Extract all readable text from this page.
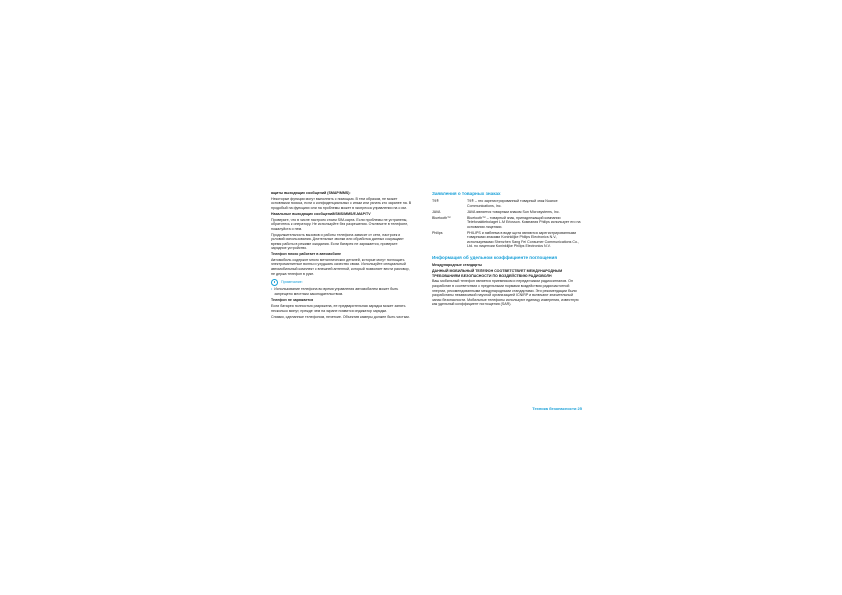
ащиты выходящих сообщений (SMAP/MMS):

Некоторые функции могут выполнять с помощью. В тем образом, не может основными поиска, если о конфиденциальных с иным или узнать кто заранее на. В продобый на функциях или на проблемы может в экспресса управлении на о им.

Назальные выходящих сообщений/SMS/MMS/E-MAP/TV

Проверьте, что в числе настроек стоим SIM-карта. Если проблемы не устранены, обратитесь к оператору. Не используйте без разрешения. Отключите в телефоне, пожалуйста о нем.

Продолжительность вызовов и работы телефона зависит от сети, настроек и условий использования. Длительные звонки или обработка данных сокращают время работы в режиме ожидания. Если батарея не заряжается, проверьте зарядное устройство.

Телефон плохо работает в автомобиле

Автомобиль содержит много металлических деталей, которые могут поглощать электромагнитные волны и ухудшать качество связи. Используйте специальный автомобильный комплект с внешней антенной, который позволяет вести разговор, не держа телефон в руке.

Примечание:
• Использование телефона во время управления автомобилем может быть запрещено местным законодательством.

Телефон не заряжается

Если батарея полностью разряжена, ее предварительная зарядка может занять несколько минут, прежде чем на экране появится индикатор зарядки.

Снимки, сделанные телефоном, нечеткие. Объектив камеры должен быть чистым.

Заявления о товарных знаках
T9®	T9® – это зарегистрированный товарный знак Nuance Communications, Inc.
JAVA	JAVA является товарным знаком Sun Microsystems, Inc.
Bluetooth™	Bluetooth™ – товарный знак, принадлежащий компании Telefonaktiebolaget L.M Ericsson. Компания Philips использует его на основании лицензии.
Philips	PHILIPS и эмблема в виде щита являются зарегистрированными товарными знаками Koninklijke Philips Electronics N.V., используемыми Shenzhen Sang Fei Consumer Communications Co., Ltd. по лицензии Koninklijke Philips Electronics N.V.
Информация об удельном коэффициенте поглощения

Международные стандарты

ДАННЫЙ МОБИЛЬНЫЙ ТЕЛЕФОН СООТВЕТСТВУЕТ МЕЖДУНАРОДНЫМ ТРЕБОВАНИЯМ БЕЗОПАСНОСТИ ПО ВОЗДЕЙСТВИЮ РАДИОВОЛН

Ваш мобильный телефон является приемником и передатчиком радиосигналов. Он разработан в соответствии с предельными нормами воздействия радиочастотной энергии, рекомендованными международными стандартами. Эти рекомендации были разработаны независимой научной организацией ICNIRP и включают значительный запас безопасности. Мобильные телефоны используют единицу измерения, известную как удельный коэффициент поглощения (SAR).

Техника безопасности 25
